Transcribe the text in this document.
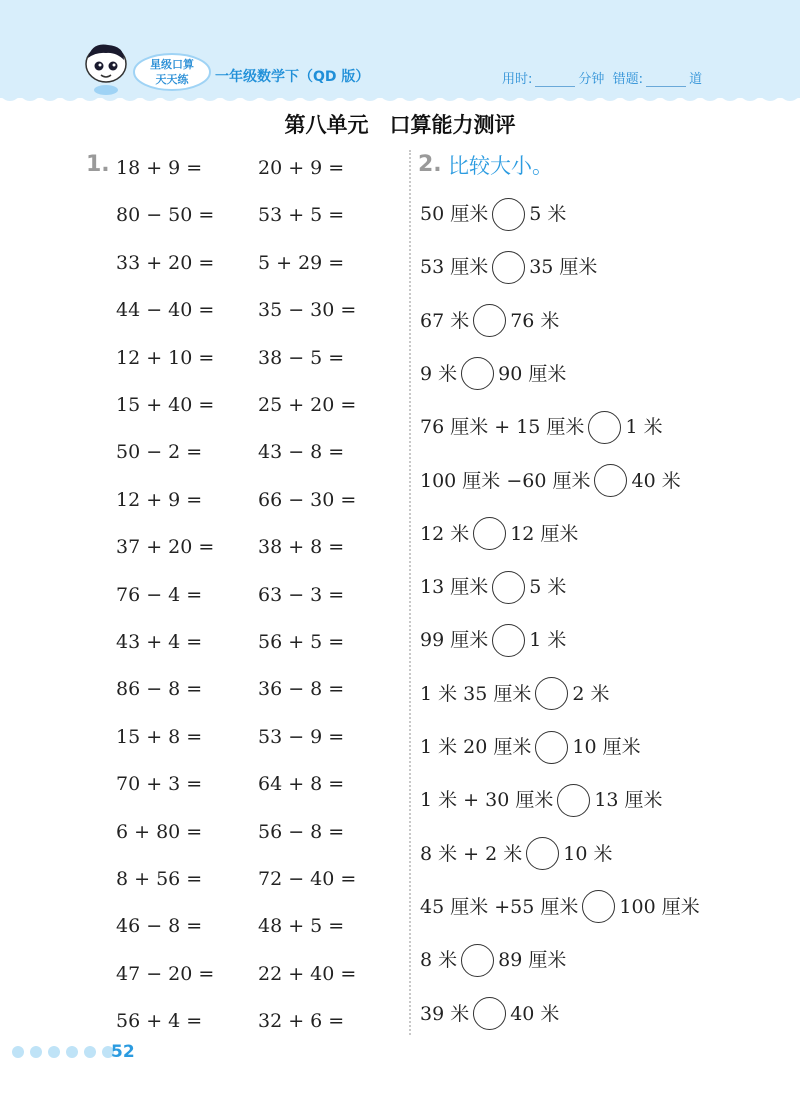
星级口算
天天练	一年级数学下（QD 版）	用时:	分钟 错题:	道
第八单元　口算能力测评
1.	2. 比较大小。
18 + 9 =	20 + 9 =
80 − 50 = 53 + 5 =
33 + 20 = 5 + 29 =
44 − 40 = 35 − 30 =
12 + 10 = 38 − 5 =
15 + 40 = 25 + 20 =
50 − 2 =	43 − 8 =
12 + 9 =	66 − 30 =
37 + 20 = 38 + 8 =
76 − 4 =	63 − 3 =
43 + 4 =	56 + 5 =
86 − 8 =	36 − 8 =
15 + 8 =	53 − 9 =
70 + 3 =	64 + 8 =
6 + 80 =	56 − 8 =
8 + 56 =	72 − 40 =
46 − 8 =	48 + 5 =
47 − 20 = 22 + 40 =
56 + 4 =	32 + 6 =
50 厘米 5 米
53 厘米 35 厘米
67 米 76 米
9 米 90 厘米
76 厘米 + 15 厘米 1 米
100 厘米 −60 厘米 40 米
12 米 12 厘米
13 厘米 5 米
99 厘米 1 米
1 米 35 厘米 2 米
1 米 20 厘米 10 厘米
1 米 + 30 厘米 13 厘米
8 米 + 2 米 10 米
45 厘米 +55 厘米 100 厘米
8 米 89 厘米
39 米 40 米
52
